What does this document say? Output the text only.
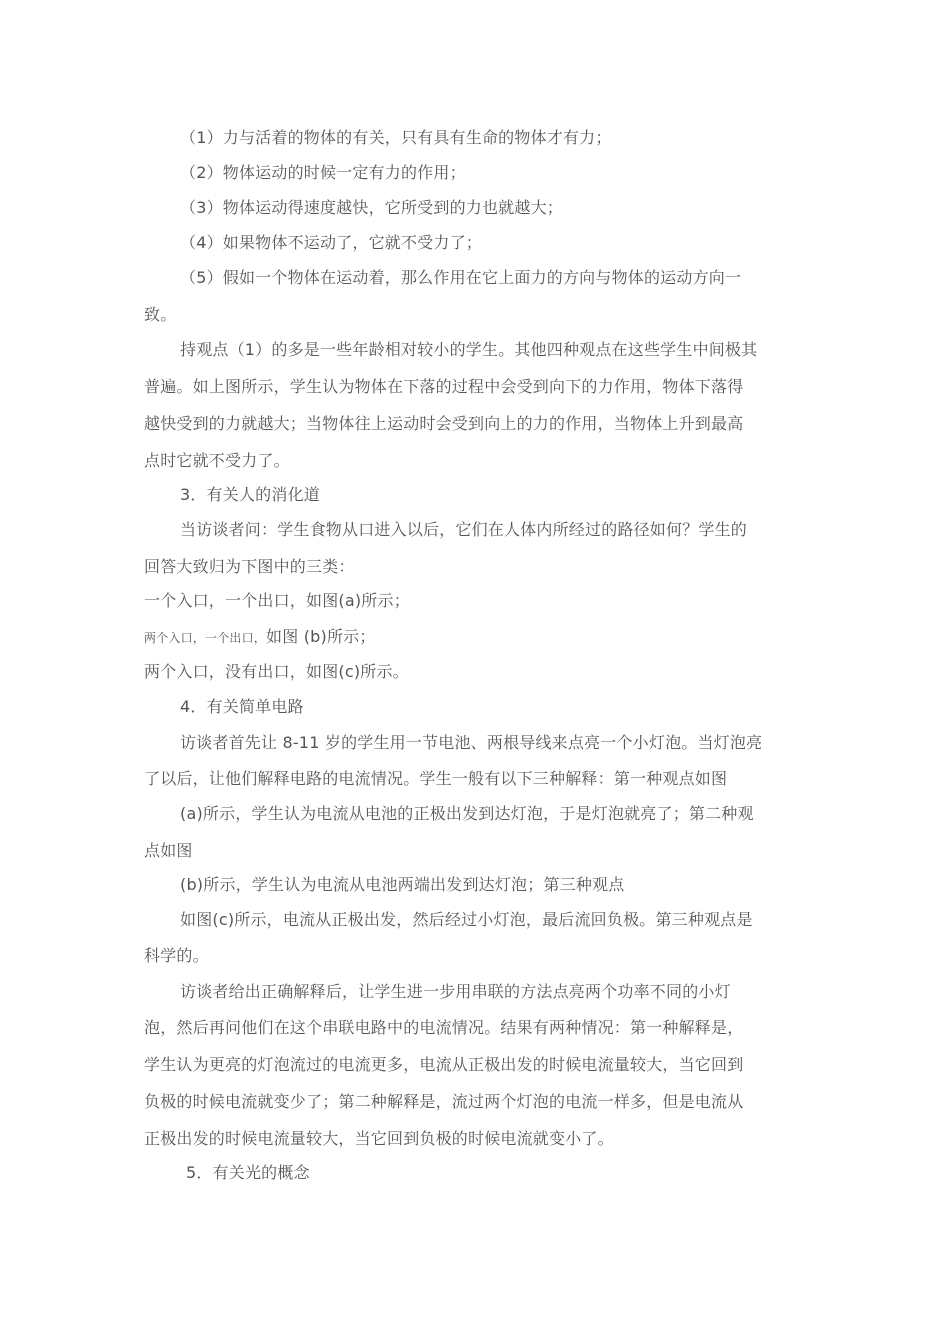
（1）力与活着的物体的有关，只有具有生命的物体才有力；
（2）物体运动的时候一定有力的作用；
（3）物体运动得速度越快，它所受到的力也就越大；
（4）如果物体不运动了，它就不受力了；
（5）假如一个物体在运动着，那么作用在它上面力的方向与物体的运动方向一
致。
持观点（1）的多是一些年龄相对较小的学生。其他四种观点在这些学生中间极其
普遍。如上图所示，学生认为物体在下落的过程中会受到向下的力作用，物体下落得
越快受到的力就越大；当物体往上运动时会受到向上的力的作用，当物体上升到最高
点时它就不受力了。
3．有关人的消化道
当访谈者问：学生食物从口进入以后，它们在人体内所经过的路径如何？学生的
回答大致归为下图中的三类：
一个入口，一个出口，如图(a)所示；
两个入口，一个出口，如图 (b)所示；
两个入口，没有出口，如图(c)所示。
4．有关简单电路
访谈者首先让 8-11 岁的学生用一节电池、两根导线来点亮一个小灯泡。当灯泡亮
了以后，让他们解释电路的电流情况。学生一般有以下三种解释：第一种观点如图
(a)所示，学生认为电流从电池的正极出发到达灯泡，于是灯泡就亮了；第二种观
点如图
(b)所示，学生认为电流从电池两端出发到达灯泡；第三种观点
如图(c)所示，电流从正极出发，然后经过小灯泡，最后流回负极。第三种观点是
科学的。
访谈者给出正确解释后，让学生进一步用串联的方法点亮两个功率不同的小灯
泡，然后再问他们在这个串联电路中的电流情况。结果有两种情况：第一种解释是，
学生认为更亮的灯泡流过的电流更多，电流从正极出发的时候电流量较大，当它回到
负极的时候电流就变少了；第二种解释是，流过两个灯泡的电流一样多，但是电流从
正极出发的时候电流量较大，当它回到负极的时候电流就变小了。
5．有关光的概念
